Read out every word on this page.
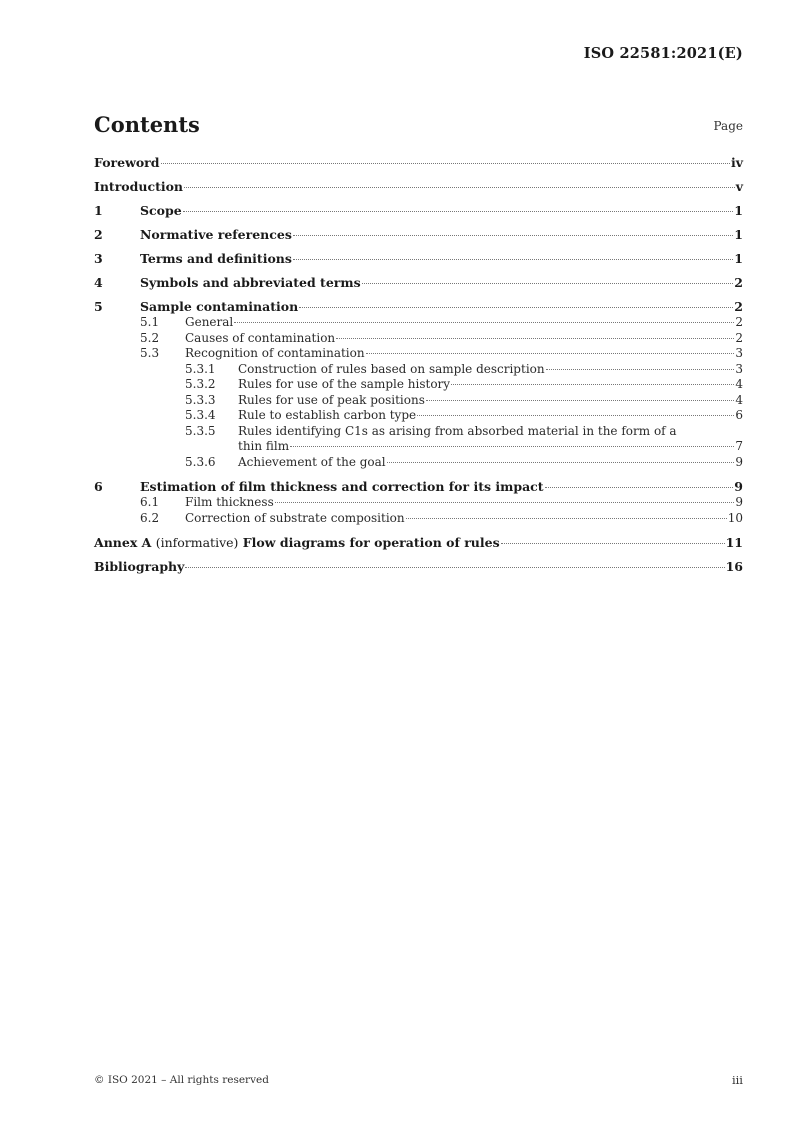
ISO 22581:2021(E)
Contents	Page
Foreword	iv
Introduction	v
1	Scope	1
2	Normative references	1
3	Terms and definitions	1
4	Symbols and abbreviated terms	2
5	Sample contamination	2
5.1	General	2
5.2	Causes of contamination	2
5.3	Recognition of contamination	3
5.3.1	Construction of rules based on sample description	3
5.3.2	Rules for use of the sample history	4
5.3.3	Rules for use of peak positions	4
5.3.4	Rule to establish carbon type	6
5.3.5	Rules identifying C1s as arising from absorbed material in the form of a
thin film	7
5.3.6	Achievement of the goal	9
6	Estimation of film thickness and correction for its impact	9
6.1	Film thickness	9
6.2	Correction of substrate composition	10
Annex A (informative) Flow diagrams for operation of rules	11
Bibliography	16
© ISO 2021 – All rights reserved	iii
